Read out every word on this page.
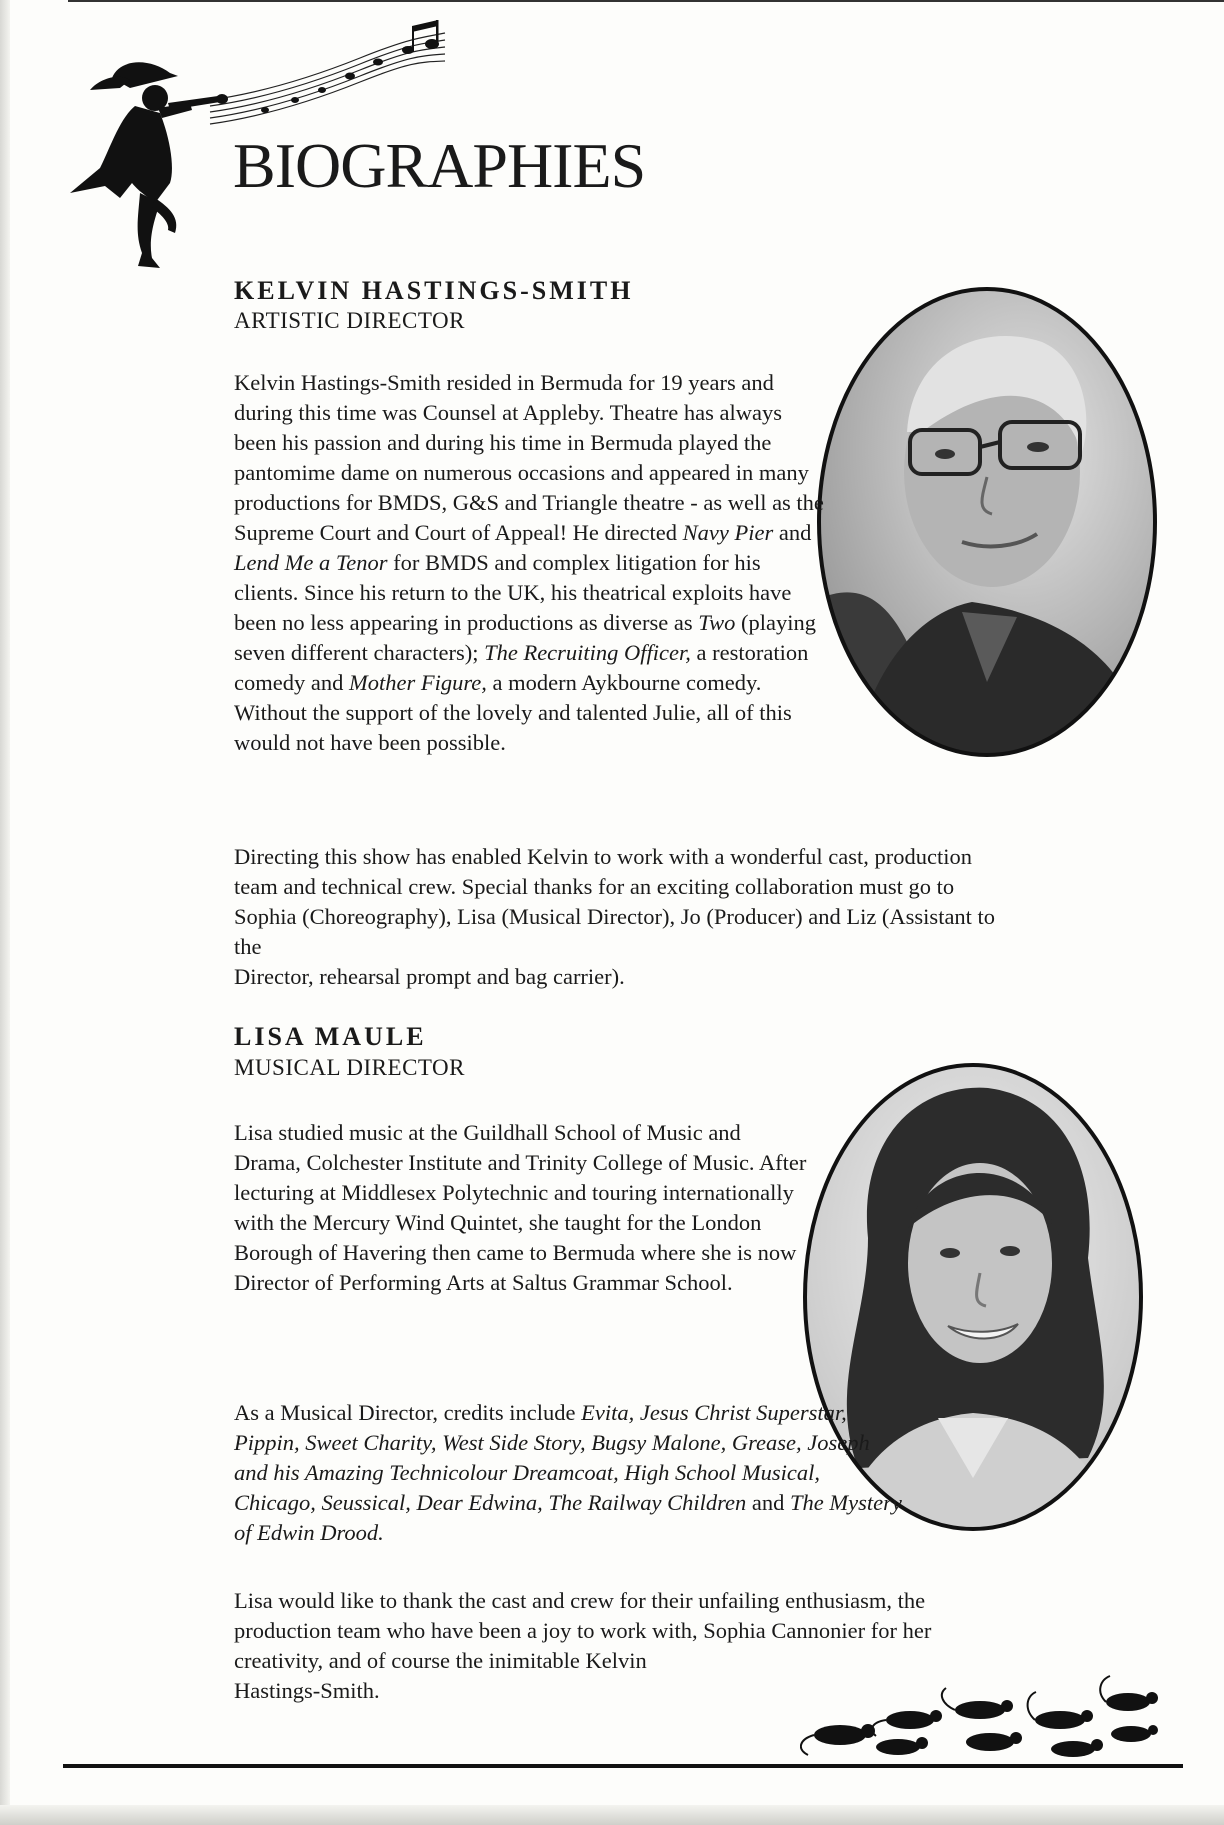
BIOGRAPHIES
KELVIN HASTINGS-SMITH
ARTISTIC DIRECTOR

Kelvin Hastings-Smith resided in Bermuda for 19 years and during this time was Counsel at Appleby. Theatre has always been his passion and during his time in Bermuda played the pantomime dame on numerous occasions and appeared in many productions for BMDS, G&S and Triangle theatre - as well as the Supreme Court and Court of Appeal! He directed Navy Pier and Lend Me a Tenor for BMDS and complex litigation for his clients. Since his return to the UK, his theatrical exploits have been no less appearing in productions as diverse as Two (playing seven different characters); The Recruiting Officer, a restoration comedy and Mother Figure, a modern Aykbourne comedy. Without the support of the lovely and talented Julie, all of this would not have been possible.

Directing this show has enabled Kelvin to work with a wonderful cast, production
team and technical crew. Special thanks for an exciting collaboration must go to
Sophia (Choreography), Lisa (Musical Director), Jo (Producer) and Liz (Assistant to
the
Director, rehearsal prompt and bag carrier).

LISA MAULE
MUSICAL DIRECTOR

Lisa studied music at the Guildhall School of Music and Drama, Colchester Institute and Trinity College of Music. After lecturing at Middlesex Polytechnic and touring internationally with the Mercury Wind Quintet, she taught for the London Borough of Havering then came to Bermuda where she is now Director of Performing Arts at Saltus Grammar School.

As a Musical Director, credits include Evita, Jesus Christ Superstar, Pippin, Sweet Charity, West Side Story, Bugsy Malone, Grease, Joseph and his Amazing Technicolour Dreamcoat, High School Musical, Chicago, Seussical, Dear Edwina, The Railway Children and The Mystery of Edwin Drood.

Lisa would like to thank the cast and crew for their unfailing enthusiasm, the
production team who have been a joy to work with, Sophia Cannonier for her
creativity, and of course the inimitable Kelvin
Hastings-Smith.
